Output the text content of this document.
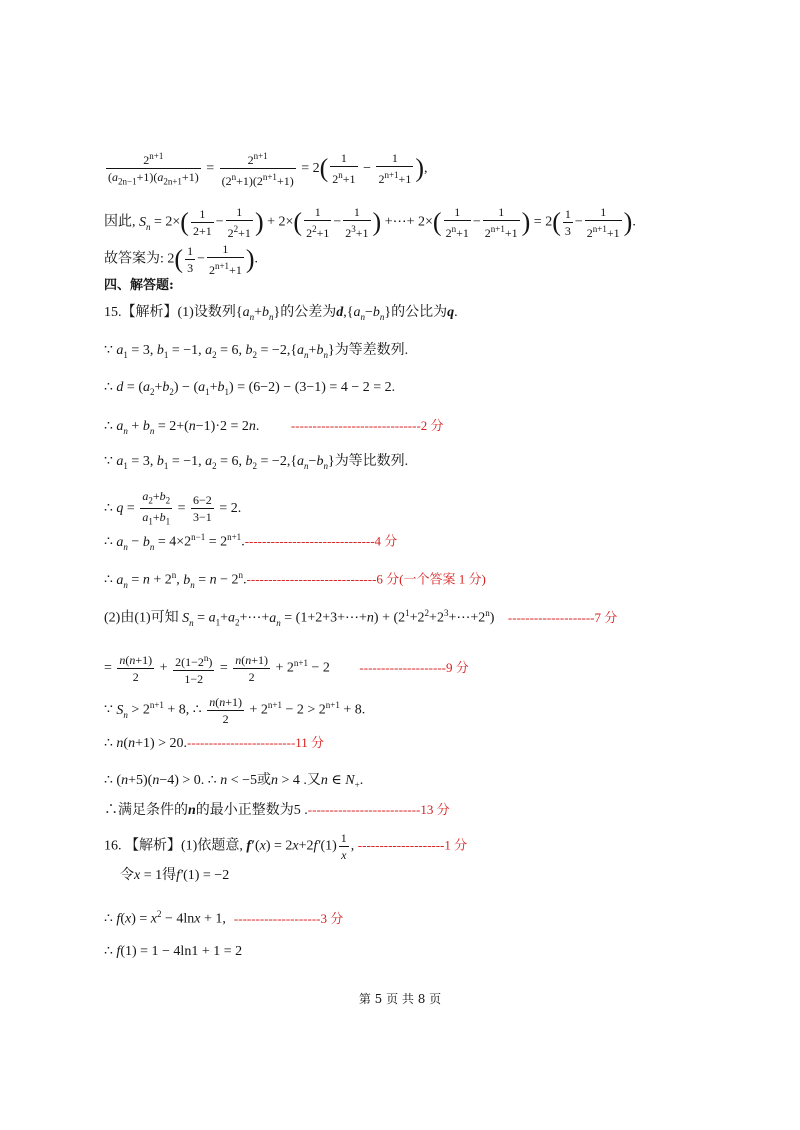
$\frac{2^{n+1}}{(a_{2n-1}+1)(a_{2n+1}+1)} = \frac{2^{n+1}}{(2^n+1)(2^{n+1}+1)} = 2( \frac{1}{2^n+1} - \frac{1}{2^{n+1}+1}$ ),
因此, $S_n = 2\times( \frac{1}{2+1} - \frac{1}{2^2+1}$ ) + $2\times( \frac{1}{2^2+1} - \frac{1}{2^3+1}$ ) +⋯+ $2\times( \frac{1}{2^n+1} - \frac{1}{2^{n+1}+1}$ ) = $2( \frac{1}{3} - \frac{1}{2^{n+1}+1}$ ).
故答案为: $2( \frac{1}{3} - \frac{1}{2^{n+1}+1}$ ).
四、解答题:
15.【解析】(1)设数列$\{a_n+b_n\}$的公差为$d,\{a_n-b_n\}$的公比为q.
∵ $a_1 = 3$, $b_1 = -1$, $a_2 = 6$, $b_2 = -2,\{a_n+b_n\}$为等差数列.
∴ $d = (a_2+b_2) - (a_1+b_1) = (6-2) - (3-1) = 4 - 2 = 2$.
∴ $a_n + b_n = 2+(n-1)\cdot 2 = 2n$. ------------------------------2 分
∵ $a_1 = 3$, $b_1 = -1$, $a_2 = 6$, $b_2 = -2,\{a_n-b_n\}$为等比数列.
∴ $q = \frac{a_2+b_2}{a_1+b_1} = \frac{6-2}{3-1} = 2$.
∴ $a_n - b_n = 4\times 2^{n-1} = 2^{n+1}.------------------------------4$ 分
∴ $a_n = n + 2^n$, $b_n = n - 2^n.------------------------------6$ 分(一个答案 1 分)
(2)由(1)可知 $S_n$ = $a_1+a_2+\cdots+a_n$ = (1+2+3+⋯+n) + $(2^1+2^2+2^3+\cdots+2^n)$ --------------------7 分
= $\frac{n(n+1)}{2} + \frac{2(1-2^n)}{1-2} = \frac{n(n+1)}{2} + 2^{n+1} - 2$ --------------------9 分
∵ $S_n > 2^{n+1} + 8$, ∴ $\frac{n(n+1)}{2} + 2^{n+1} - 2 > 2^{n+1} + 8$.
∴ n(n+1) > 20.-------------------------11 分
∴ (n+5)(n−4) > 0. ∴ n < −5或n > 4 .又n ∈ $N_+$.
∴满足条件的n的最小正整数为5 .--------------------------13 分
16. 【解析】(1)依题意, $f'(x) = 2x+2f'(1) \frac{1}{x}$ , --------------------1 分
令x = 1得f′(1) = −2
∴ $f(x) = x^2 - 4\ln x + 1$, --------------------3 分
∴ f(1) = 1 − 4ln1 + 1 = 2
第 5 页 共 8 页
